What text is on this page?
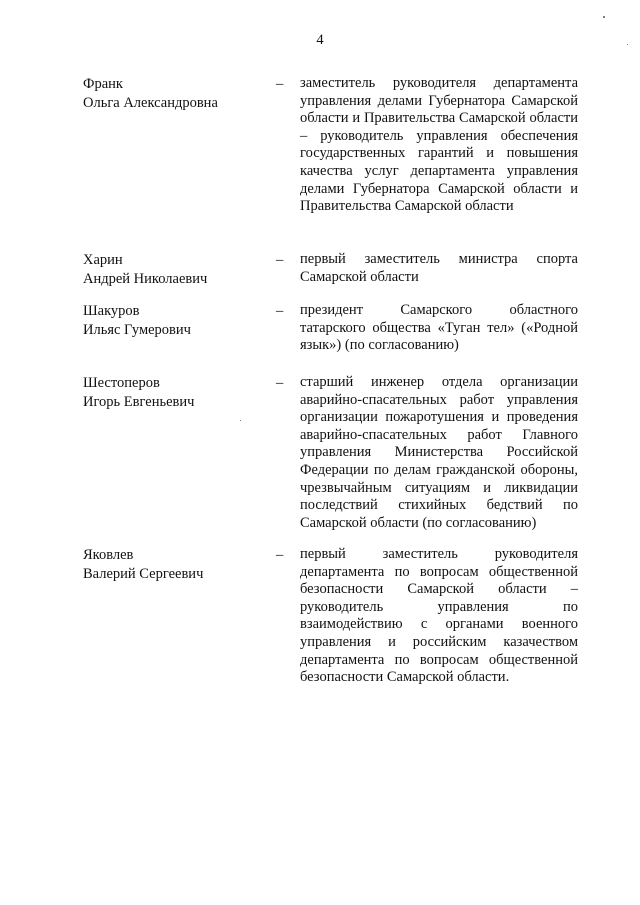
4
Франк
Ольга Александровна
– заместитель руководителя департамента управления делами Губернатора Самарской области и Правительства Самарской области – руководитель управления обеспечения государственных гарантий и повышения качества услуг департамента управления делами Губернатора Самарской области и Правительства Самарской области
Харин
Андрей Николаевич
– первый заместитель министра спорта Самарской области
Шакуров
Ильяс Гумерович
– президент Самарского областного татарского общества «Туган тел» («Родной язык») (по согласованию)
Шестоперов
Игорь Евгеньевич
– старший инженер отдела организации аварийно-спасательных работ управления организации пожаротушения и проведения аварийно-спасательных работ Главного управления Министерства Российской Федерации по делам гражданской обороны, чрезвычайным ситуациям и ликвидации последствий стихийных бедствий по Самарской области (по согласованию)
Яковлев
Валерий Сергеевич
– первый заместитель руководителя департамента по вопросам общественной безопасности Самарской области – руководитель управления по взаимодействию с органами военного управления и российским казачеством департамента по вопросам общественной безопасности Самарской области.
